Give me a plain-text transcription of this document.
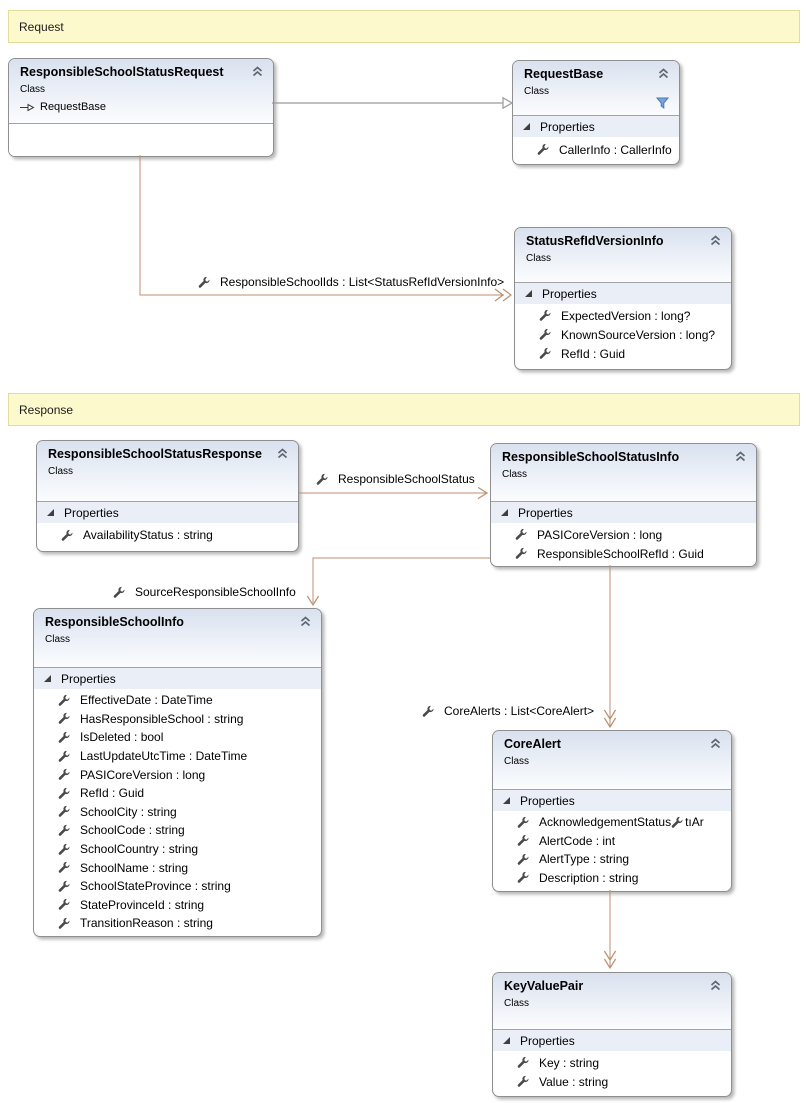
Request
Response
ResponsibleSchoolIds : List<StatusRefIdVersionInfo>
ResponsibleSchoolStatus
SourceResponsibleSchoolInfo
CoreAlerts : List<CoreAlert>
ResponsibleSchoolStatusRequest
Class
RequestBase
RequestBase
Class
Properties
CallerInfo : CallerInfo
StatusRefIdVersionInfo
Class
Properties
ExpectedVersion : long?
KnownSourceVersion : long?
RefId : Guid
ResponsibleSchoolStatusResponse
Class
Properties
AvailabilityStatus : string
ResponsibleSchoolStatusInfo
Class
Properties
PASICoreVersion : long
ResponsibleSchoolRefId : Guid
ResponsibleSchoolInfo
Class
Properties
EffectiveDate : DateTime
HasResponsibleSchool : string
IsDeleted : bool
LastUpdateUtcTime : DateTime
PASICoreVersion : long
RefId : Guid
SchoolCity : string
SchoolCode : string
SchoolCountry : string
SchoolName : string
SchoolStateProvince : string
StateProvinceId : string
TransitionReason : string
CoreAlert
Class
Properties
AcknowledgementStatus tıAr
AlertCode : int
AlertType : string
Description : string
KeyValuePair
Class
Properties
Key : string
Value : string
